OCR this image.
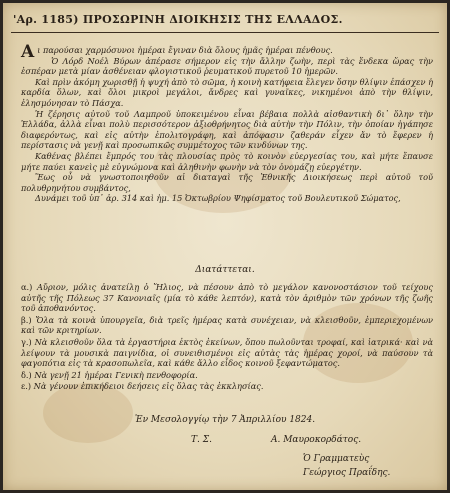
'Αρ. 1185) ΠΡΟΣΩΡΙΝΗ ΔΙΟΙΚΗΣΙΣ ΤΗΣ ΕΛΛΑΔΟΣ.

Αι παρούσαι χαρμόσυνοι ἡμέραι ἔγιναν διὰ ὅλους ἡμᾶς ἡμέραι πένθους.

Ὁ Λόρδ Νοέλ Βύρων ἀπέρασε σήμερον εἰς τὴν ἄλλην ζωὴν, περὶ τὰς ἕνδεκα ὥρας τὴν ἑσπέραν μετὰ μίαν ἀσθένειαν φλογιστικοῦ ῥευματικοῦ πυρετοῦ 10 ἡμερῶν.

Καὶ πρὶν ἀκόμη χωρισθῇ ἡ ψυχή ἀπὸ τὸ σῶμα, ἡ κοινὴ κατήφεια ἔλεγεν ὅσην θλίψιν ἐπάσχεν ἡ καρδία ὅλων, καὶ ὅλοι μικροὶ μεγάλοι, ἄνδρες καὶ γυναῖκες, νικημένοι ἀπὸ τὴν θλίψιν, ἐλησμόνησαν τὸ Πάσχα.

Ἡ ζέρησις αὐτοῦ τοῦ Λαμπροῦ ὑποκειμένου εἶναι βέβαια πολλὰ αἰσθαντικὴ δι᾽ ὅλην τὴν Ἑλλάδα, ἀλλὰ εἶναι πολὺ περισσότερον ἀξιοθρήνητος διὰ αὐτὴν τὴν Πόλιν, τὴν ὁποίαν ἠγάπησε διαφερόντως, καὶ εἰς αὐτὴν ἐπολιτογράφη, καὶ ἀπόφασιν ζαθεράν εἶχεν ἄν τὸ ἔφερεν ἡ περίστασις νὰ γενῇ καὶ προσωπικῶς συμμέτοχος τῶν κινδύνων της.

Καθένας βλέπει ἔμπρός του τὰς πλουσίας πρὸς τὸ κοινὸν εὐεργεσίας του, καὶ μήτε ἔπαυσε μήτε παύει κανεὶς μὲ εὐγνώμονα καὶ ἀληθινὴν φωνὴν νὰ τὸν ὀνομάζῃ εὐεργέτην.

Ἕως οὗ νὰ γνωστοποιηθοῦν αἱ διαταγαὶ τῆς Ἐθνικῆς Διοικήσεως περὶ αὐτοῦ τοῦ πολυθρηνήτου συμβάντος,

Δυνάμει τοῦ ὑπ᾽ ἀρ. 314 καὶ ἡμ. 15 Ὀκτωβρίου Ψηφίσματος τοῦ Βουλευτικοῦ Σώματος,

Διατάττεται.
α.) Αὔριον, μόλις ἀνατείλῃ ὁ Ἥλιος, νὰ πέσουν ἀπὸ τὸ μεγάλον κανονοστάσιον τοῦ τείχους αὐτῆς τῆς Πόλεως 37 Κανονιαῖς (μία τὸ κάθε λεπτόν), κατὰ τὸν ἀριθμὸν τῶν χρόνων τῆς ζωῆς τοῦ ἀποθανόντος.
β.) Ὅλα τὰ κοινὰ ὑπουργεῖα, διὰ τρεῖς ἡμέρας κατὰ συνέχειαν, νὰ κλεισθοῦν, ἐμπεριεχομένων καὶ τῶν κριτηρίων.
γ.) Νὰ κλεισθοῦν ὅλα τὰ ἐργαστήρια ἐκτὸς ἐκείνων, ὅπου πωλοῦνται τροφαί, καὶ ἰατρικά· καὶ νὰ λείψουν τὰ μουσικὰ παιγνίδια, οἱ συνειθισμένοι εἰς αὐτὰς τὰς ἡμέρας χοροί, νὰ παύσουν τὰ φαγοπότια εἰς τὰ κρασοπωλεῖα, καὶ κάθε ἄλλο εἶδος κοινοῦ ξεφαντώματος.
δ.) Νὰ γενῇ 21 ἡμέραι Γενικὴ πενθοφορία.
ε.) Νὰ γένουν ἐπικήδειοι δεήσεις εἰς ὅλας τὰς ἐκκλησίας.
Ἐν Μεσολογγίῳ τὴν 7 Ἀπριλλίου 1824.
Τ. Σ.	Α. Μαυροκορδάτος.
Ὁ Γραμματεὺς
Γεώργιος Πραΐδης.
